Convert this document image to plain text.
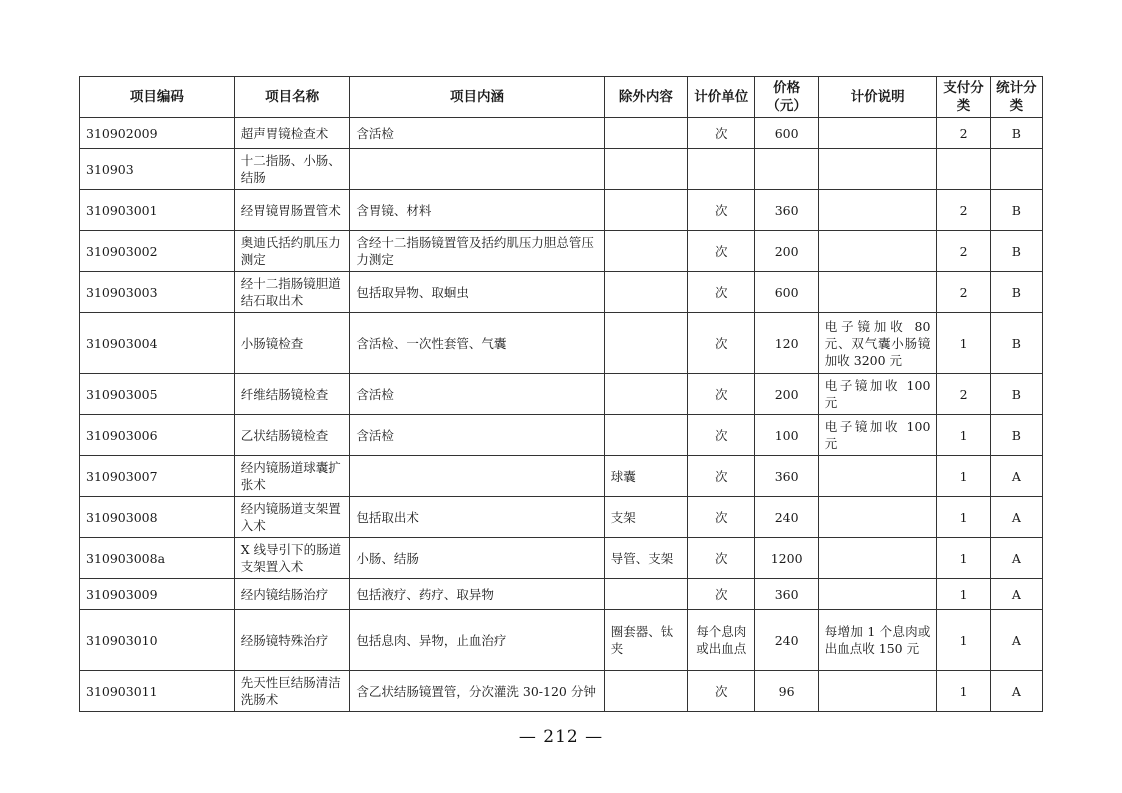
项目编码	项目名称	项目内涵	除外内容	计价单位	价格（元）	计价说明	支付分类	统计分类
310902009	超声胃镜检查术	含活检		次	600		2	B
310903	十二指肠、小肠、结肠							
310903001	经胃镜胃肠置管术	含胃镜、材料		次	360		2	B
310903002	奥迪氏括约肌压力测定	含经十二指肠镜置管及括约肌压力胆总管压力测定		次	200		2	B
310903003	经十二指肠镜胆道结石取出术	包括取异物、取蛔虫		次	600		2	B
310903004	小肠镜检查	含活检、一次性套管、气囊		次	120	电子镜加收 80 元、双气囊小肠镜加收 3200 元	1	B
310903005	纤维结肠镜检查	含活检		次	200	电子镜加收 100 元	2	B
310903006	乙状结肠镜检查	含活检		次	100	电子镜加收 100 元	1	B
310903007	经内镜肠道球囊扩张术		球囊	次	360		1	A
310903008	经内镜肠道支架置入术	包括取出术	支架	次	240		1	A
310903008a	X 线导引下的肠道支架置入术	小肠、结肠	导管、支架	次	1200		1	A
310903009	经内镜结肠治疗	包括液疗、药疗、取异物		次	360		1	A
310903010	经肠镜特殊治疗	包括息肉、异物，止血治疗	圈套器、钛夹	每个息肉或出血点	240	每增加 1 个息肉或出血点收 150 元	1	A
310903011	先天性巨结肠清洁洗肠术	含乙状结肠镜置管，分次灌洗 30-120 分钟		次	96		1	A
— 212 —
